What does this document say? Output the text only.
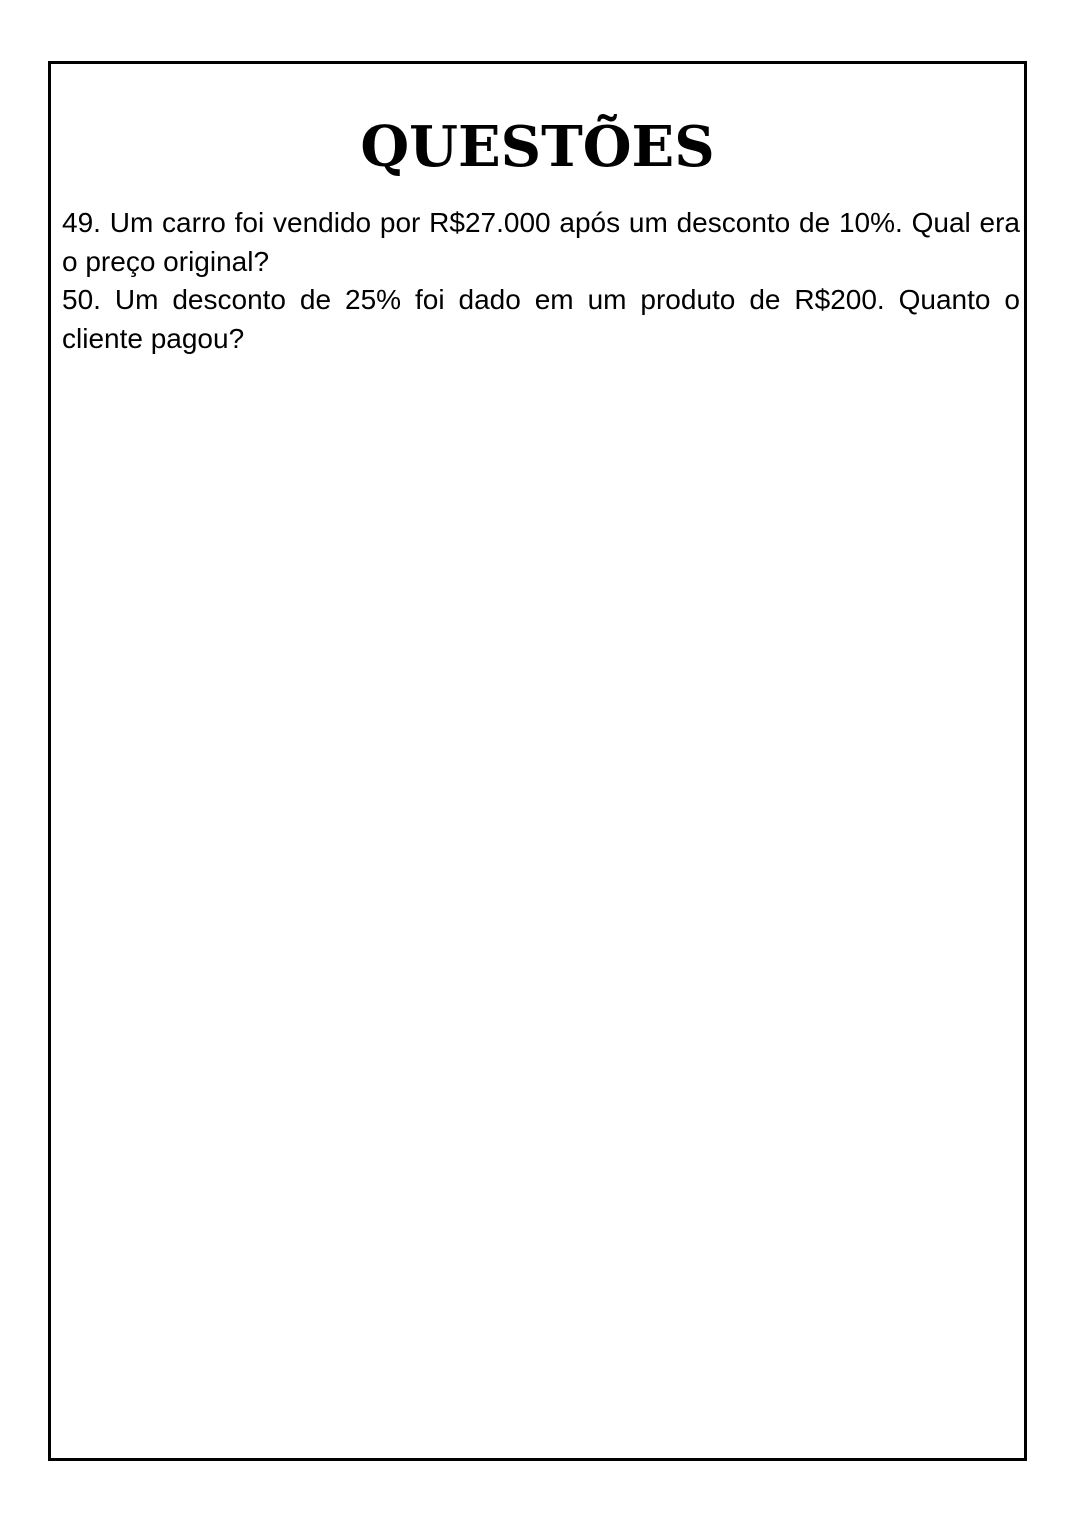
QUESTÕES

49. Um carro foi vendido por R$27.000 após um desconto de 10%. Qual era o preço original?

50. Um desconto de 25% foi dado em um produto de R$200. Quanto o cliente pagou?
